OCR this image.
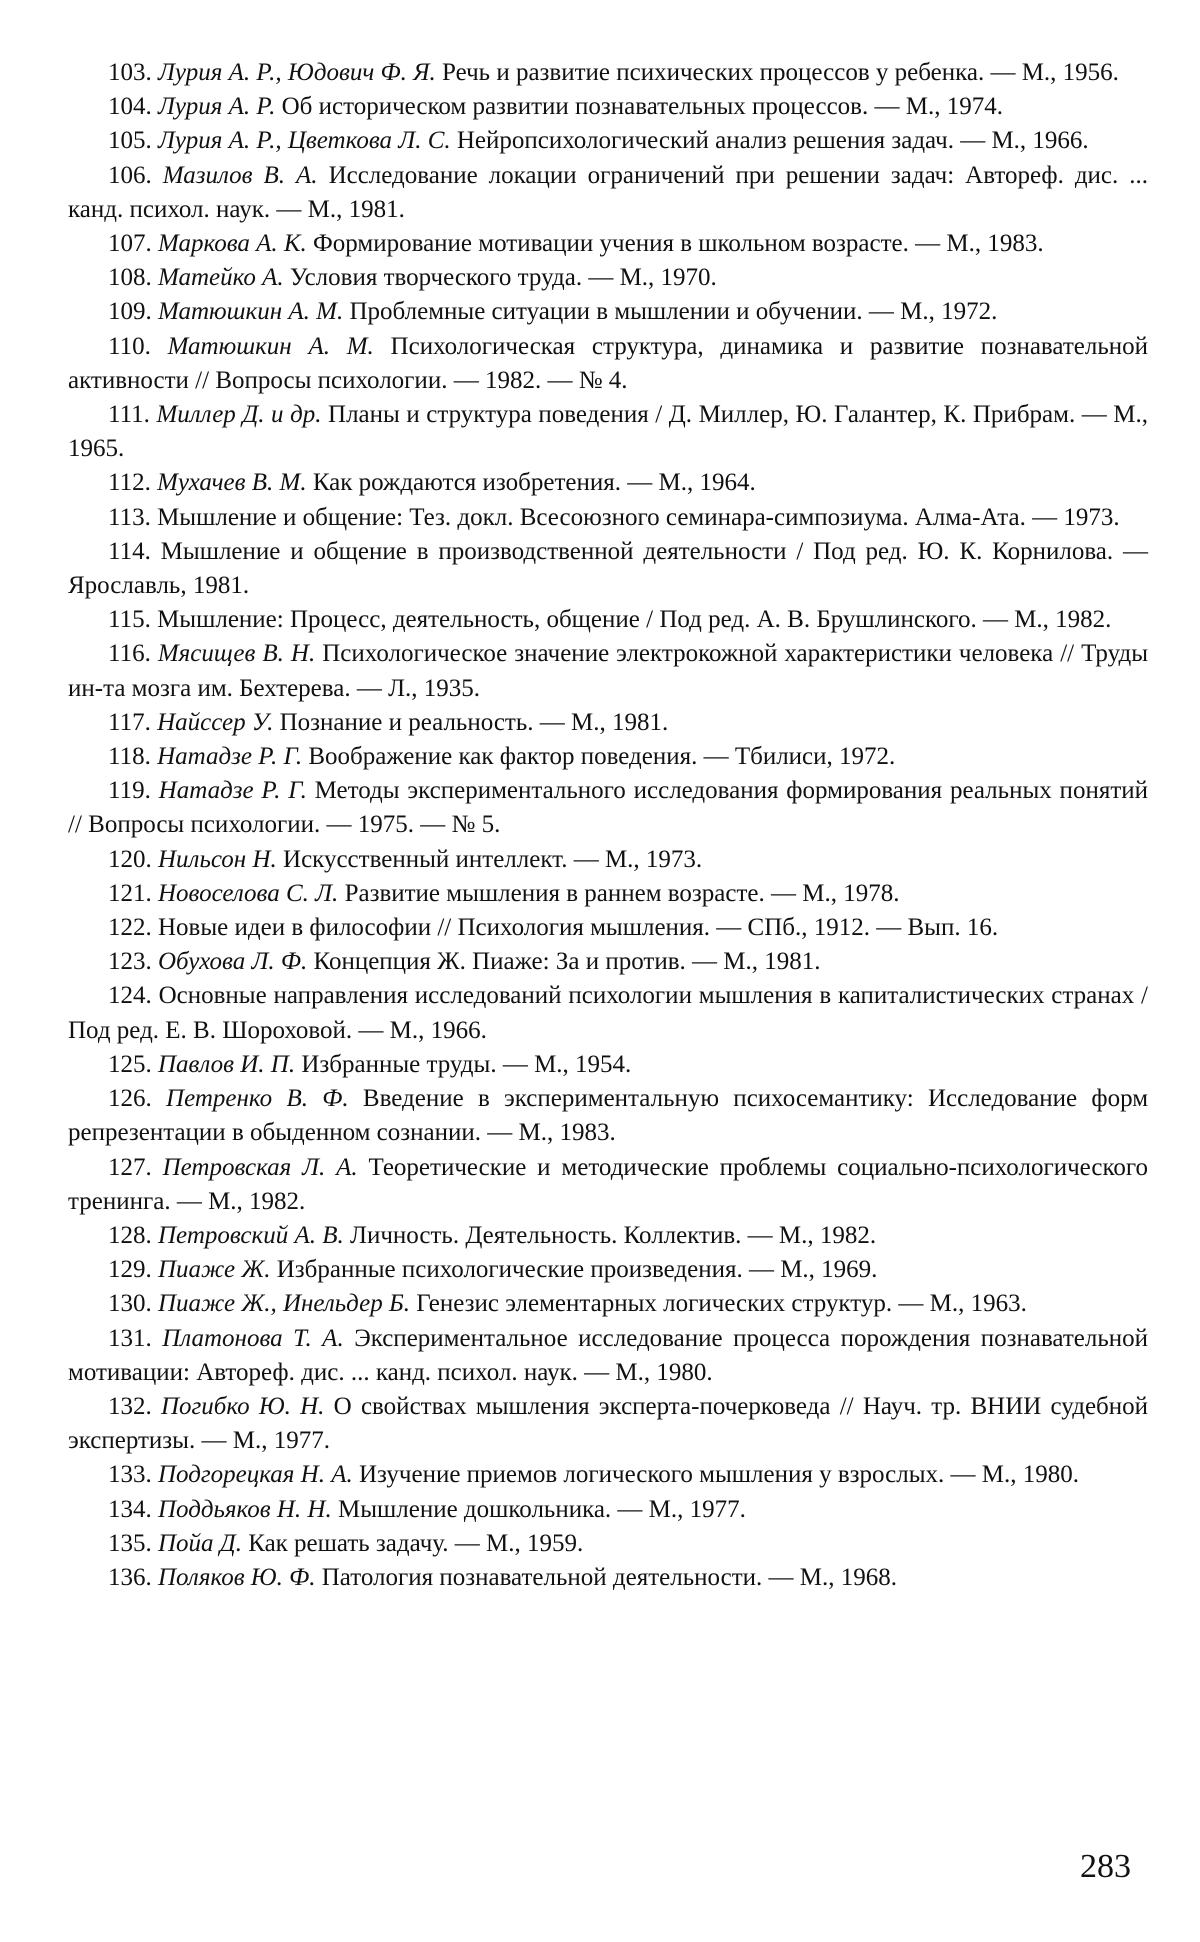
103. Лурия А. Р., Юдович Ф. Я. Речь и развитие психических процессов у ребенка. — М., 1956.

104. Лурия А. Р. Об историческом развитии познавательных процессов. — М., 1974.

105. Лурия А. Р., Цветкова Л. С. Нейропсихологический анализ решения задач. — М., 1966.

106. Мазилов В. А. Исследование локации ограничений при решении задач: Автореф. дис. ... канд. психол. наук. — М., 1981.

107. Маркова А. К. Формирование мотивации учения в школьном возрасте. — М., 1983.

108. Матейко А. Условия творческого труда. — М., 1970.

109. Матюшкин А. М. Проблемные ситуации в мышлении и обучении. — М., 1972.

110. Матюшкин А. М. Психологическая структура, динамика и развитие познавательной активности // Вопросы психологии. — 1982. — № 4.

111. Миллер Д. и др. Планы и структура поведения / Д. Миллер, Ю. Галантер, К. Прибрам. — М., 1965.

112. Мухачев В. М. Как рождаются изобретения. — М., 1964.

113. Мышление и общение: Тез. докл. Всесоюзного семинара-симпозиума. Алма-Ата. — 1973.

114. Мышление и общение в производственной деятельности / Под ред. Ю. К. Корнилова. — Ярославль, 1981.

115. Мышление: Процесс, деятельность, общение / Под ред. А. В. Брушлинского. — М., 1982.

116. Мясищев В. Н. Психологическое значение электрокожной характеристики человека // Труды ин-та мозга им. Бехтерева. — Л., 1935.

117. Найссер У. Познание и реальность. — М., 1981.

118. Натадзе Р. Г. Воображение как фактор поведения. — Тбилиси, 1972.

119. Натадзе Р. Г. Методы экспериментального исследования формирования реальных понятий // Вопросы психологии. — 1975. — № 5.

120. Нильсон Н. Искусственный интеллект. — М., 1973.

121. Новоселова С. Л. Развитие мышления в раннем возрасте. — М., 1978.

122. Новые идеи в философии // Психология мышления. — СПб., 1912. — Вып. 16.

123. Обухова Л. Ф. Концепция Ж. Пиаже: За и против. — М., 1981.

124. Основные направления исследований психологии мышления в капиталистических странах / Под ред. Е. В. Шороховой. — М., 1966.

125. Павлов И. П. Избранные труды. — М., 1954.

126. Петренко В. Ф. Введение в экспериментальную психосемантику: Исследование форм репрезентации в обыденном сознании. — М., 1983.

127. Петровская Л. А. Теоретические и методические проблемы социально-психологического тренинга. — М., 1982.

128. Петровский А. В. Личность. Деятельность. Коллектив. — М., 1982.

129. Пиаже Ж. Избранные психологические произведения. — М., 1969.

130. Пиаже Ж., Инельдер Б. Генезис элементарных логических структур. — М., 1963.

131. Платонова Т. А. Экспериментальное исследование процесса порождения познавательной мотивации: Автореф. дис. ... канд. психол. наук. — М., 1980.

132. Погибко Ю. Н. О свойствах мышления эксперта-почерковеда // Науч. тр. ВНИИ судебной экспертизы. — М., 1977.

133. Подгорецкая Н. А. Изучение приемов логического мышления у взрослых. — М., 1980.

134. Поддьяков Н. Н. Мышление дошкольника. — М., 1977.

135. Пойа Д. Как решать задачу. — М., 1959.

136. Поляков Ю. Ф. Патология познавательной деятельности. — М., 1968.

283
